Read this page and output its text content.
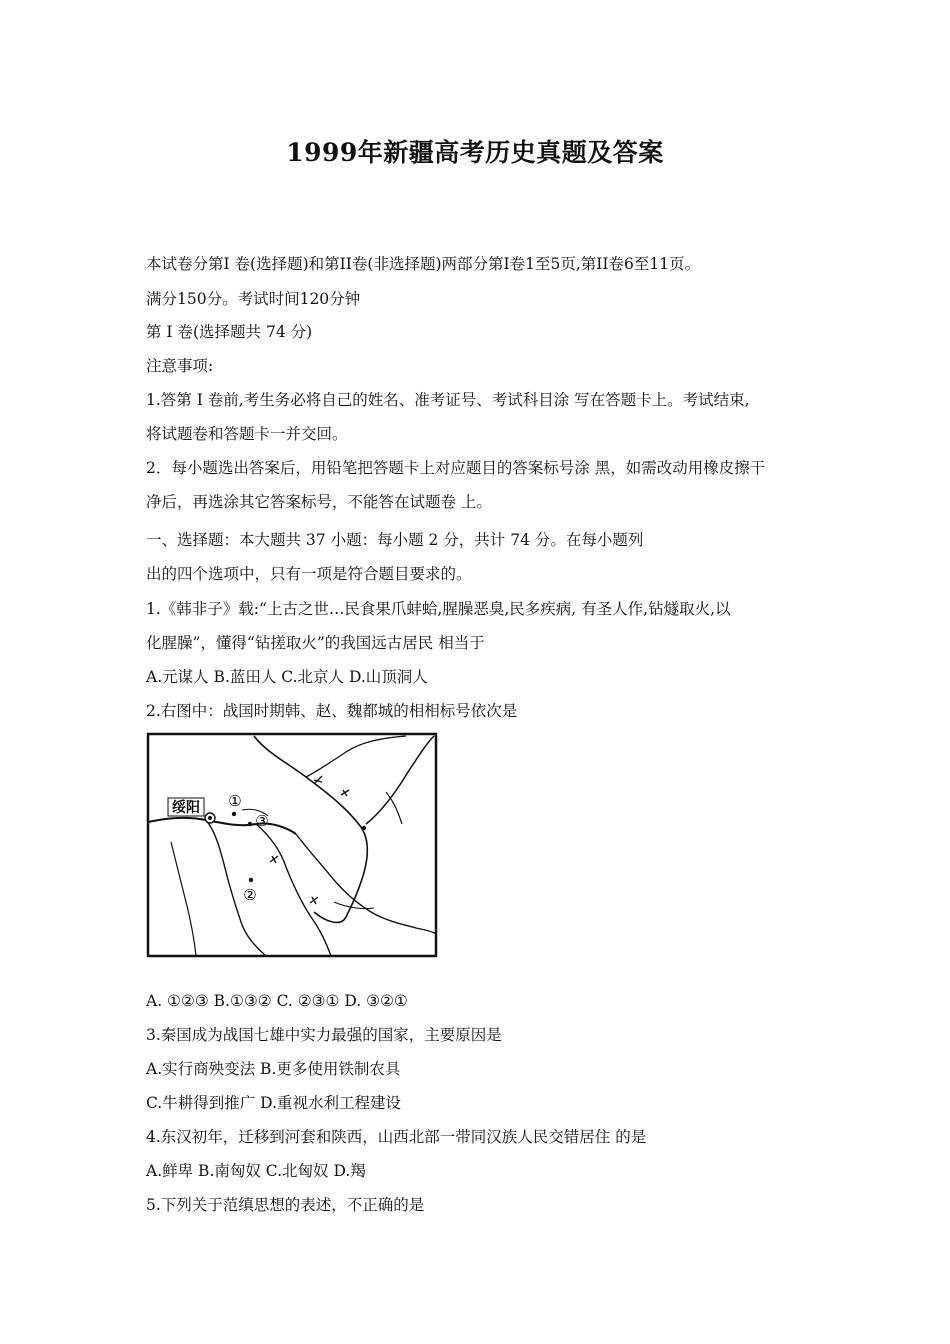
1999年新疆高考历史真题及答案
本试卷分第Ⅰ 卷(选择题)和第II卷(非选择题)两部分第Ⅰ卷1至5页,第II卷6至11页。
满分150分。考试时间120分钟
第 Ⅰ 卷(选择题共 74 分)
注意事项:
1.答第 Ⅰ 卷前,考生务必将自己的姓名、准考证号、考试科目涂 写在答题卡上。考试结束,
将试题卷和答题卡一并交回。
2．每小题选出答案后，用铅笔把答题卡上对应题目的答案标号涂 黑，如需改动用橡皮擦干
净后，再选涂其它答案标号，不能答在试题卷 上。
一、选择题：本大题共 37 小题：每小题 2 分，共计 74 分。在每小题列
出的四个选项中，只有一项是符合题目要求的。
1.《韩非子》载:“上古之世…民食果爪蚌蛤,腥臊恶臭,民多疾病, 有圣人作,钻燧取火,以
化腥臊”，懂得“钻搓取火”的我国远古居民 相当于
A.元谋人 B.蓝田人 C.北京人 D.山顶洞人
2.右图中：战国时期韩、赵、魏都城的相相标号依次是
绥阳 ①
③
②
A. ①②③ B.①③② C. ②③① D. ③②①
3.秦国成为战国七雄中实力最强的国家，主要原因是
A.实行商殃变法 B.更多使用铁制农具
C.牛耕得到推广 D.重视水利工程建设
4.东汉初年，迁移到河套和陕西，山西北部一带同汉族人民交错居住 的是
A.鲜卑 B.南匈奴 C.北匈奴 D.羯
5.下列关于范缜思想的表述，不正确的是
